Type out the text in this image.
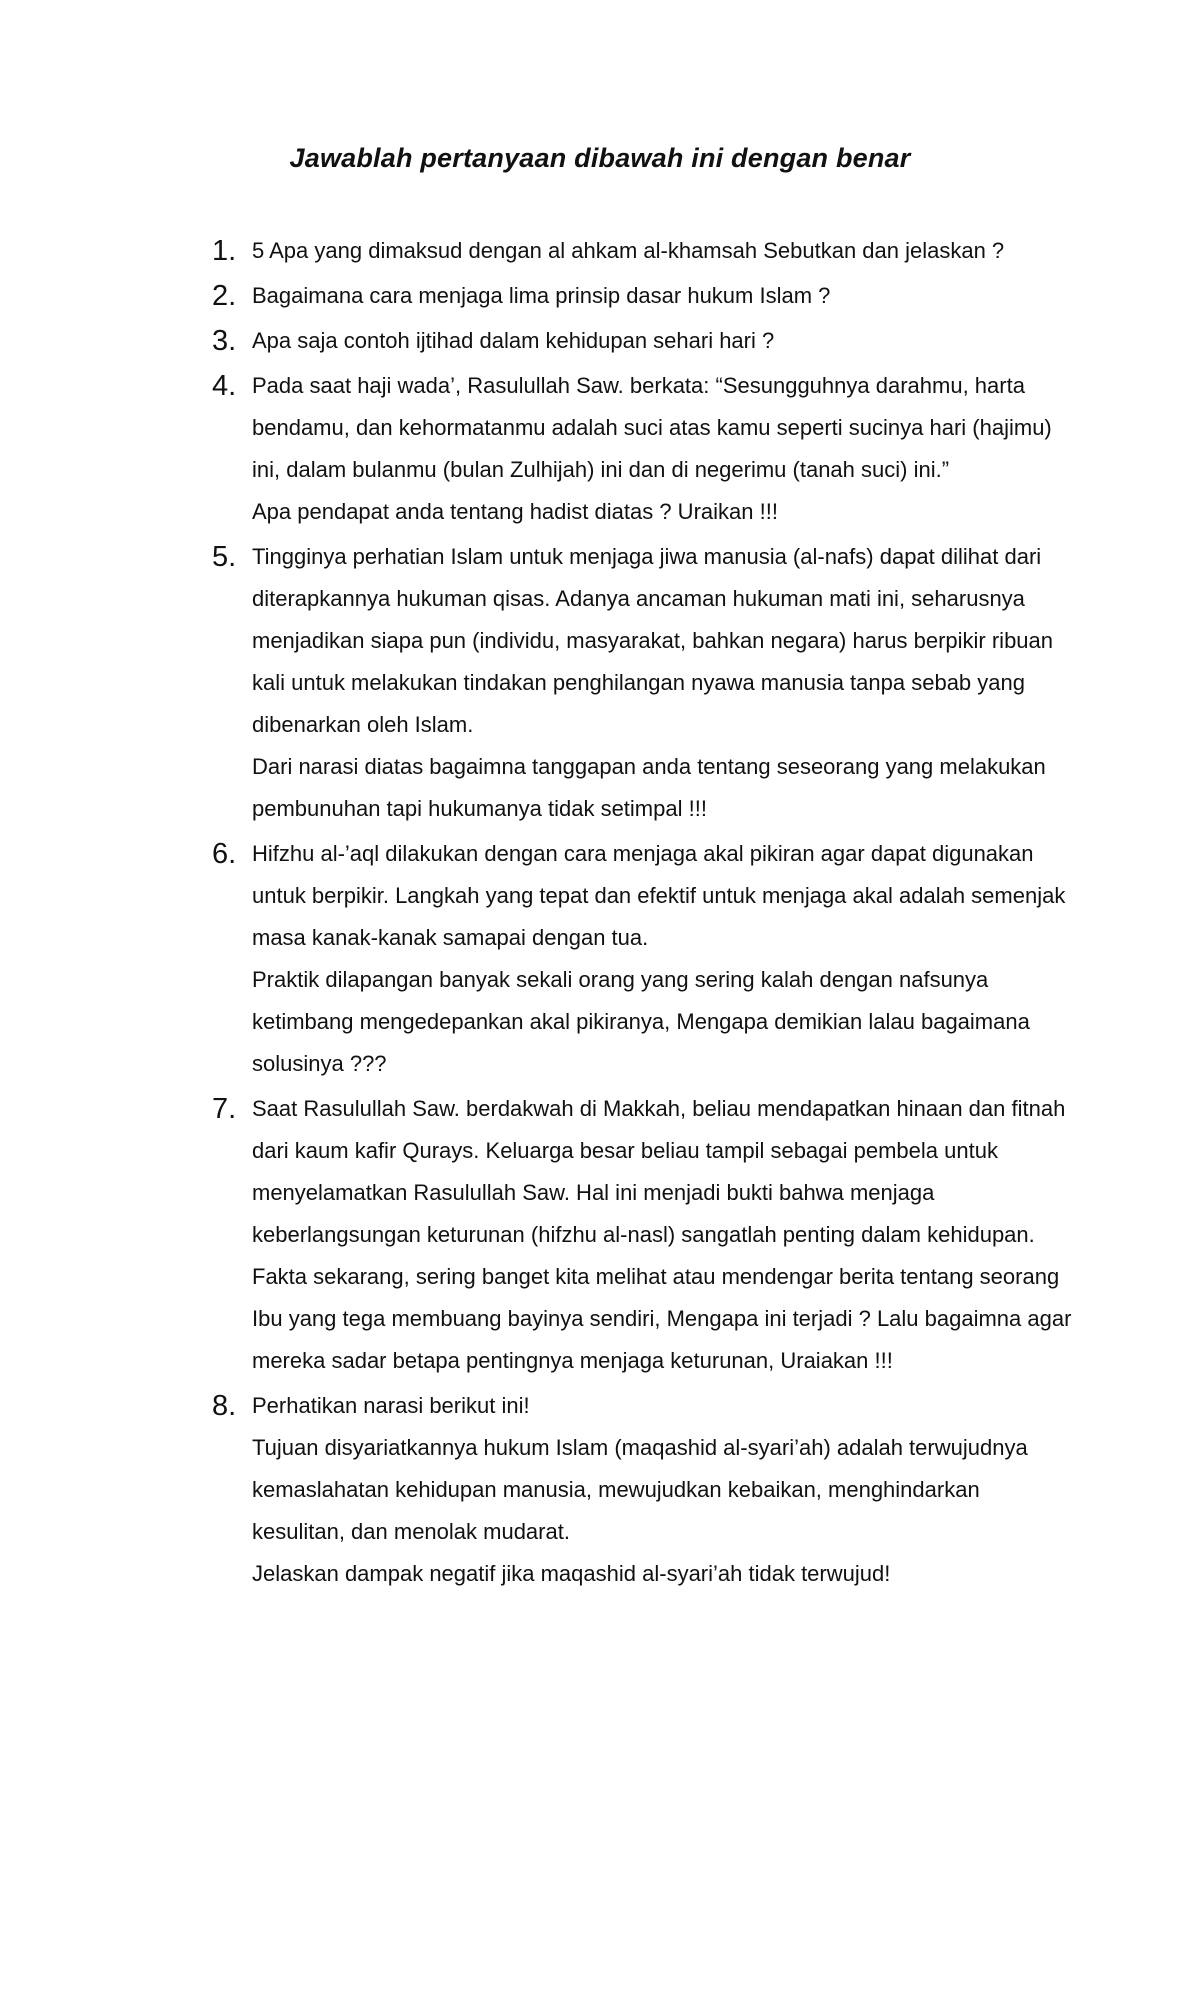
Jawablah pertanyaan dibawah ini dengan benar
1. 5 Apa yang dimaksud dengan al ahkam al-khamsah Sebutkan dan jelaskan ?

2. Bagaimana cara menjaga lima prinsip dasar hukum Islam ?

3. Apa saja contoh ijtihad dalam kehidupan sehari hari ?

4. Pada saat haji wada’, Rasulullah Saw. berkata: “Sesungguhnya darahmu, harta bendamu, dan kehormatanmu adalah suci atas kamu seperti sucinya hari (hajimu) ini, dalam bulanmu (bulan Zulhijah) ini dan di negerimu (tanah suci) ini.”

Apa pendapat anda tentang hadist diatas ? Uraikan !!!

5. Tingginya perhatian Islam untuk menjaga jiwa manusia (al-nafs) dapat dilihat dari diterapkannya hukuman qisas. Adanya ancaman hukuman mati ini, seharusnya menjadikan siapa pun (individu, masyarakat, bahkan negara) harus berpikir ribuan kali untuk melakukan tindakan penghilangan nyawa manusia tanpa sebab yang dibenarkan oleh Islam.

Dari narasi diatas bagaimna tanggapan anda tentang seseorang yang melakukan pembunuhan tapi hukumanya tidak setimpal !!!

6. Hifzhu al-’aql dilakukan dengan cara menjaga akal pikiran agar dapat digunakan untuk berpikir. Langkah yang tepat dan efektif untuk menjaga akal adalah semenjak masa kanak-kanak samapai dengan tua.

Praktik dilapangan banyak sekali orang yang sering kalah dengan nafsunya ketimbang mengedepankan akal pikiranya, Mengapa demikian lalau bagaimana solusinya ???

7. Saat Rasulullah Saw. berdakwah di Makkah, beliau mendapatkan hinaan dan fitnah dari kaum kafir Qurays. Keluarga besar beliau tampil sebagai pembela untuk menyelamatkan Rasulullah Saw. Hal ini menjadi bukti bahwa menjaga keberlangsungan keturunan (hifzhu al-nasl) sangatlah penting dalam kehidupan.

Fakta sekarang, sering banget kita melihat atau mendengar berita tentang seorang Ibu yang tega membuang bayinya sendiri, Mengapa ini terjadi ? Lalu bagaimna agar mereka sadar betapa pentingnya menjaga keturunan, Uraiakan !!!

8. Perhatikan narasi berikut ini!

Tujuan disyariatkannya hukum Islam (maqashid al-syari’ah) adalah terwujudnya kemaslahatan kehidupan manusia, mewujudkan kebaikan, menghindarkan kesulitan, dan menolak mudarat.

Jelaskan dampak negatif jika maqashid al-syari’ah tidak terwujud!
